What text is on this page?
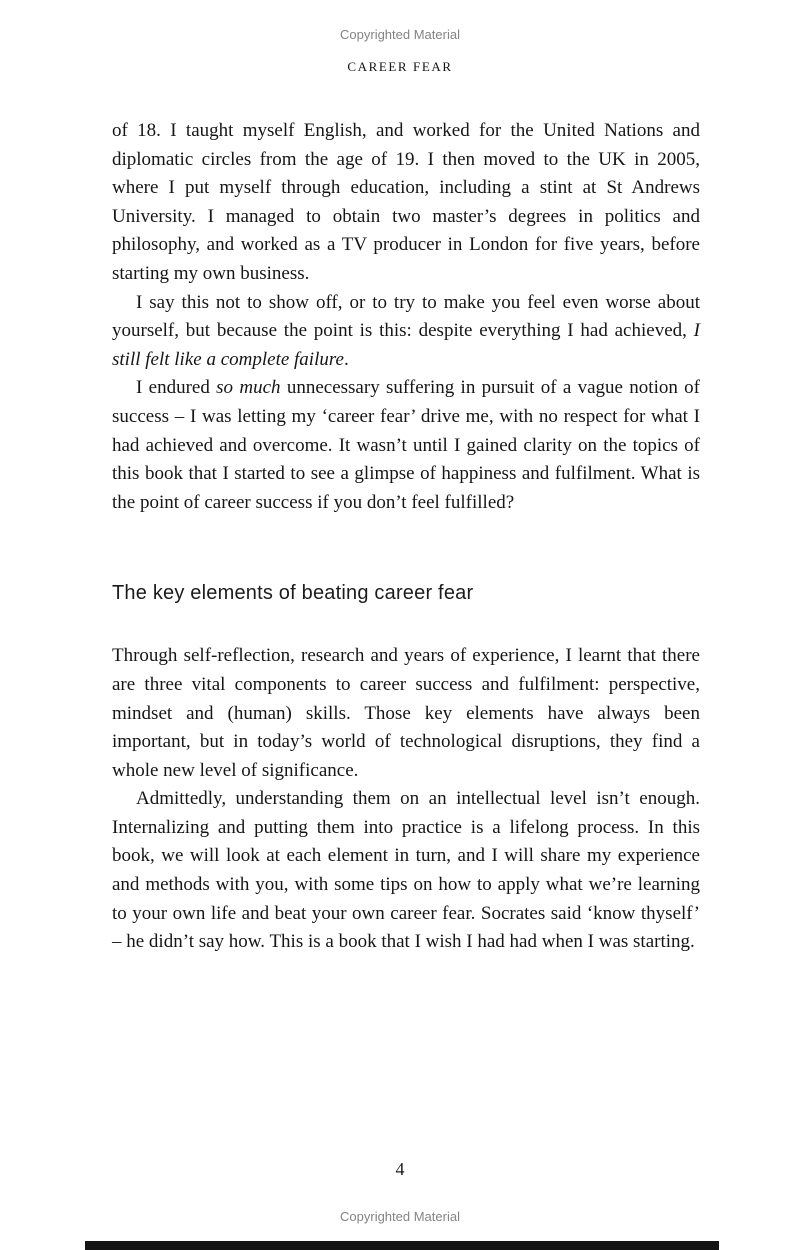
Copyrighted Material
CAREER FEAR

of 18. I taught myself English, and worked for the United Nations and diplomatic circles from the age of 19. I then moved to the UK in 2005, where I put myself through education, including a stint at St Andrews University. I managed to obtain two master’s degrees in politics and philosophy, and worked as a TV producer in London for five years, before starting my own business.

I say this not to show off, or to try to make you feel even worse about yourself, but because the point is this: despite everything I had achieved, I still felt like a complete failure.

I endured so much unnecessary suffering in pursuit of a vague notion of success – I was letting my ‘career fear’ drive me, with no respect for what I had achieved and overcome. It wasn’t until I gained clarity on the topics of this book that I started to see a glimpse of happiness and fulfilment. What is the point of career success if you don’t feel fulfilled?

The key elements of beating career fear

Through self-reflection, research and years of experience, I learnt that there are three vital components to career success and fulfilment: perspective, mindset and (human) skills. Those key elements have always been important, but in today’s world of technological disruptions, they find a whole new level of significance.

Admittedly, understanding them on an intellectual level isn’t enough. Internalizing and putting them into practice is a lifelong process. In this book, we will look at each element in turn, and I will share my experience and methods with you, with some tips on how to apply what we’re learning to your own life and beat your own career fear. Socrates said ‘know thyself’ – he didn’t say how. This is a book that I wish I had had when I was starting.

4
Copyrighted Material
